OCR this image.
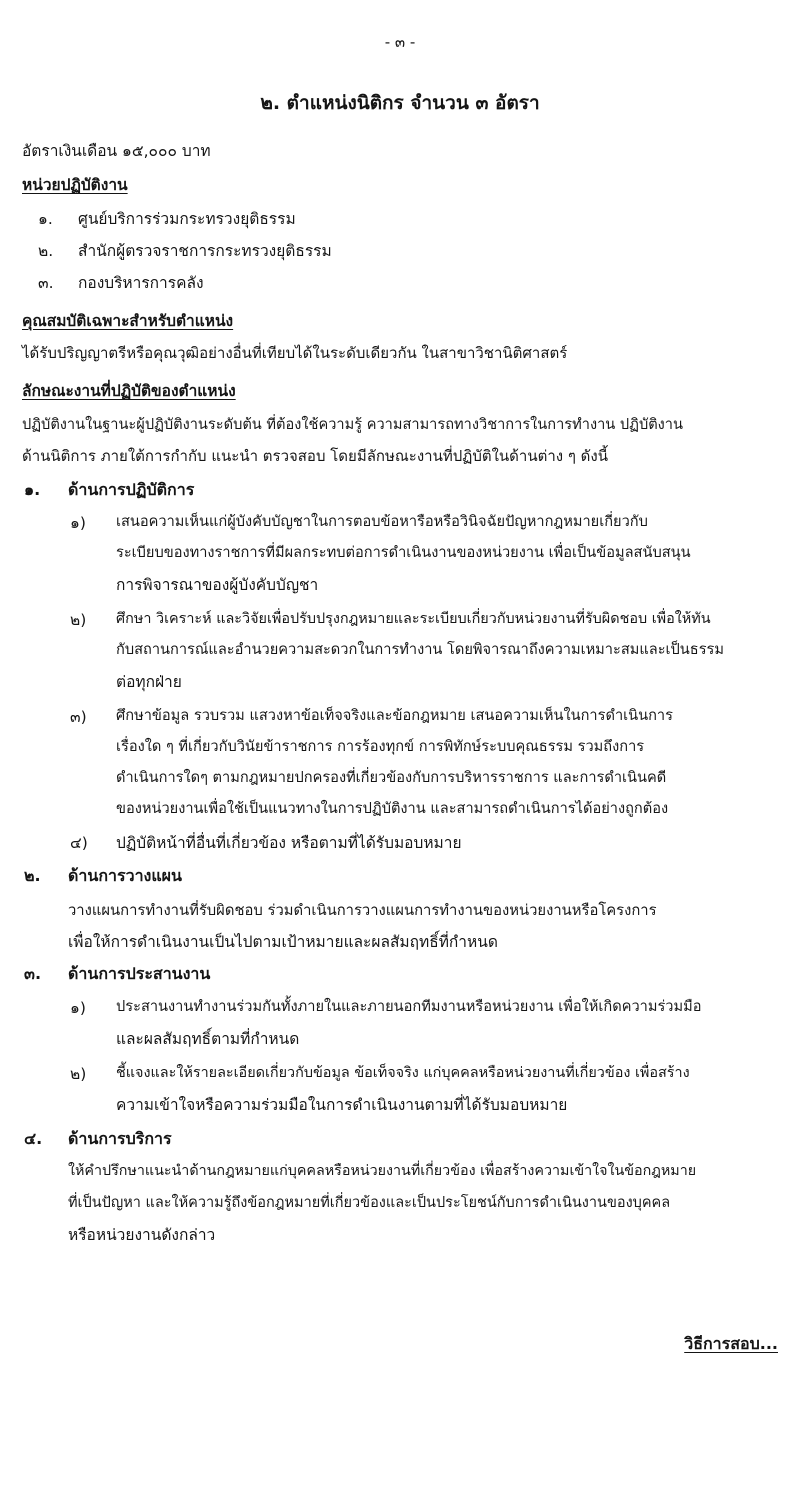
- ๓ -
๒. ตำแหน่งนิติกร จำนวน ๓ อัตรา
อัตราเงินเดือน ๑๕,๐๐๐ บาท
หน่วยปฏิบัติงาน
๑. ศูนย์บริการร่วมกระทรวงยุติธรรม
๒. สำนักผู้ตรวจราชการกระทรวงยุติธรรม
๓. กองบริหารการคลัง
คุณสมบัติเฉพาะสำหรับตำแหน่ง
ได้รับปริญญาตรีหรือคุณวุฒิอย่างอื่นที่เทียบได้ในระดับเดียวกัน ในสาขาวิชานิติศาสตร์
ลักษณะงานที่ปฏิบัติของตำแหน่ง
ปฏิบัติงานในฐานะผู้ปฏิบัติงานระดับต้น ที่ต้องใช้ความรู้ ความสามารถทางวิชาการในการทำงาน ปฏิบัติงาน
ด้านนิติการ ภายใต้การกำกับ แนะนำ ตรวจสอบ โดยมีลักษณะงานที่ปฏิบัติในด้านต่าง ๆ ดังนี้
๑. ด้านการปฏิบัติการ
๑) เสนอความเห็นแก่ผู้บังคับบัญชาในการตอบข้อหารือหรือวินิจฉัยปัญหากฎหมายเกี่ยวกับ
ระเบียบของทางราชการที่มีผลกระทบต่อการดำเนินงานของหน่วยงาน เพื่อเป็นข้อมูลสนับสนุน
การพิจารณาของผู้บังคับบัญชา
๒) ศึกษา วิเคราะห์ และวิจัยเพื่อปรับปรุงกฎหมายและระเบียบเกี่ยวกับหน่วยงานที่รับผิดชอบ เพื่อให้ทัน
กับสถานการณ์และอำนวยความสะดวกในการทำงาน โดยพิจารณาถึงความเหมาะสมและเป็นธรรม
ต่อทุกฝ่าย
๓) ศึกษาข้อมูล รวบรวม แสวงหาข้อเท็จจริงและข้อกฎหมาย เสนอความเห็นในการดำเนินการ
เรื่องใด ๆ ที่เกี่ยวกับวินัยข้าราชการ การร้องทุกข์ การพิทักษ์ระบบคุณธรรม รวมถึงการ
ดำเนินการใดๆ ตามกฎหมายปกครองที่เกี่ยวข้องกับการบริหารราชการ และการดำเนินคดี
ของหน่วยงานเพื่อใช้เป็นแนวทางในการปฏิบัติงาน และสามารถดำเนินการได้อย่างถูกต้อง
๔) ปฏิบัติหน้าที่อื่นที่เกี่ยวข้อง หรือตามที่ได้รับมอบหมาย
๒. ด้านการวางแผน
วางแผนการทำงานที่รับผิดชอบ ร่วมดำเนินการวางแผนการทำงานของหน่วยงานหรือโครงการ
เพื่อให้การดำเนินงานเป็นไปตามเป้าหมายและผลสัมฤทธิ์ที่กำหนด
๓. ด้านการประสานงาน
๑) ประสานงานทำงานร่วมกันทั้งภายในและภายนอกทีมงานหรือหน่วยงาน เพื่อให้เกิดความร่วมมือ
และผลสัมฤทธิ์ตามที่กำหนด
๒) ชี้แจงและให้รายละเอียดเกี่ยวกับข้อมูล ข้อเท็จจริง แก่บุคคลหรือหน่วยงานที่เกี่ยวข้อง เพื่อสร้าง
ความเข้าใจหรือความร่วมมือในการดำเนินงานตามที่ได้รับมอบหมาย
๔. ด้านการบริการ
ให้คำปรึกษาแนะนำด้านกฎหมายแก่บุคคลหรือหน่วยงานที่เกี่ยวข้อง เพื่อสร้างความเข้าใจในข้อกฎหมาย
ที่เป็นปัญหา และให้ความรู้ถึงข้อกฎหมายที่เกี่ยวข้องและเป็นประโยชน์กับการดำเนินงานของบุคคล
หรือหน่วยงานดังกล่าว
วิธีการสอบ...
